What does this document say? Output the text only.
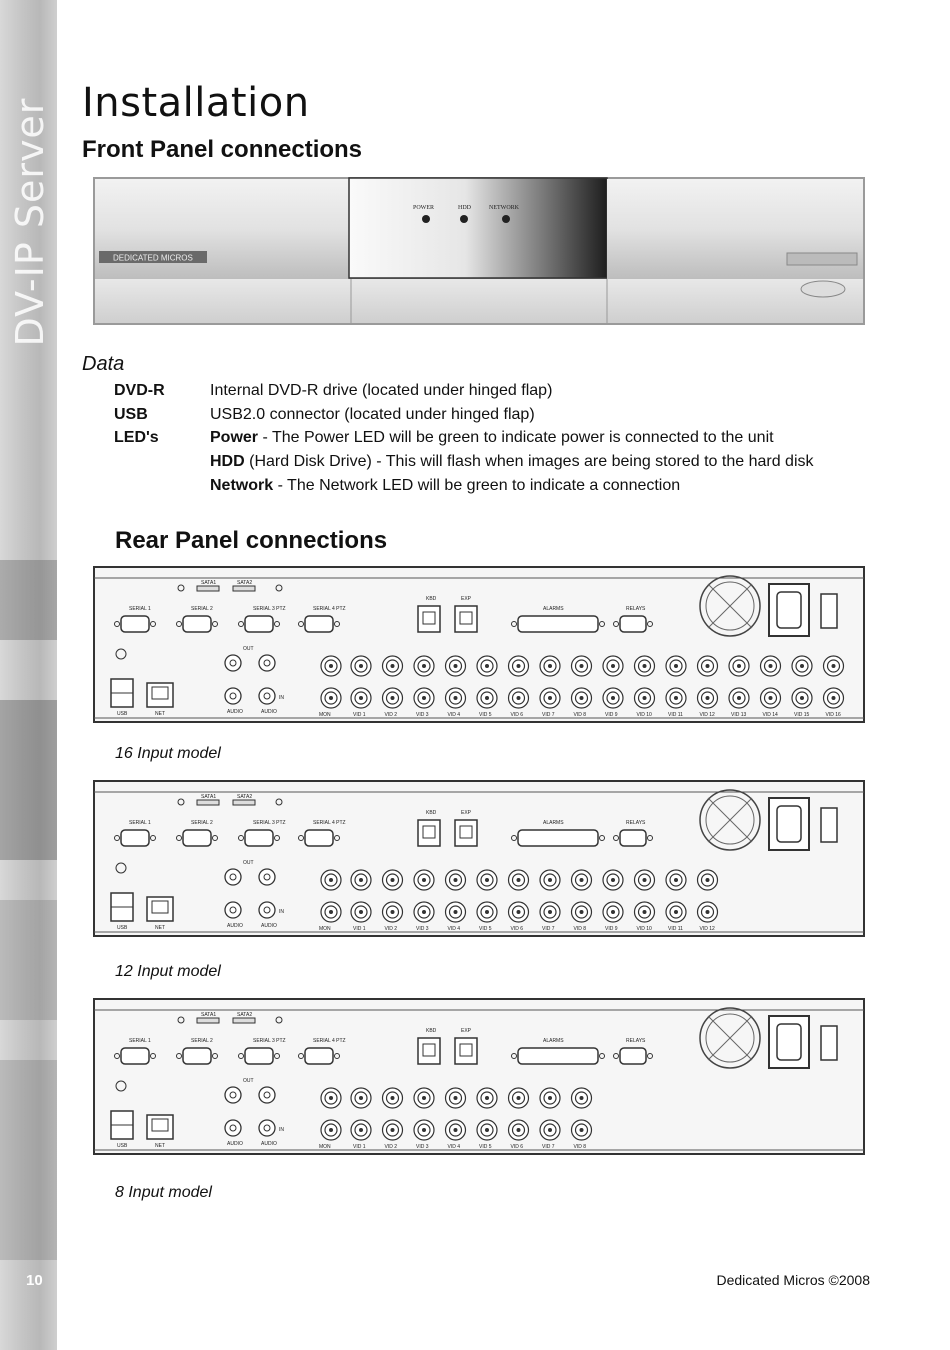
DV-IP Server
10
Installation
Front Panel connections
DEDICATED MICROS
POWER	HDD	NETWORK
Data
DVD-R	Internal DVD-R drive (located under hinged flap)
USB	USB2.0 connector (located under hinged flap)
LED's	Power - The Power LED will be green to indicate power is connected to the unit
HDD (Hard Disk Drive) - This will flash when images are being stored to the hard disk
Network - The Network LED will be green to indicate a connection
Rear Panel connections
SATA1	SATA2
SERIAL 1	SERIAL 2	SERIAL 3 PTZ	SERIAL 4 PTZ
KBD	EXP
ALARMS	RELAYS
USB	NET
OUT
AUDIO	AUDIO
IN
MON	VID 1	VID 2	VID 3	VID 4	VID 5	VID 6	VID 7	VID 8	VID 9	VID 10	VID 11	VID 12	VID 13	VID 14	VID 15	VID 16
16 Input model
SATA1	SATA2
SERIAL 1	SERIAL 2	SERIAL 3 PTZ	SERIAL 4 PTZ
KBD	EXP
ALARMS	RELAYS
USB	NET
OUT
AUDIO	AUDIO
IN
MON	VID 1	VID 2	VID 3	VID 4	VID 5	VID 6	VID 7	VID 8	VID 9	VID 10	VID 11	VID 12
12 Input model
SATA1	SATA2
SERIAL 1	SERIAL 2	SERIAL 3 PTZ	SERIAL 4 PTZ
KBD	EXP
ALARMS	RELAYS
USB	NET
OUT
AUDIO	AUDIO
IN
MON	VID 1	VID 2	VID 3	VID 4	VID 5	VID 6	VID 7	VID 8
8 Input model
Dedicated Micros ©2008
